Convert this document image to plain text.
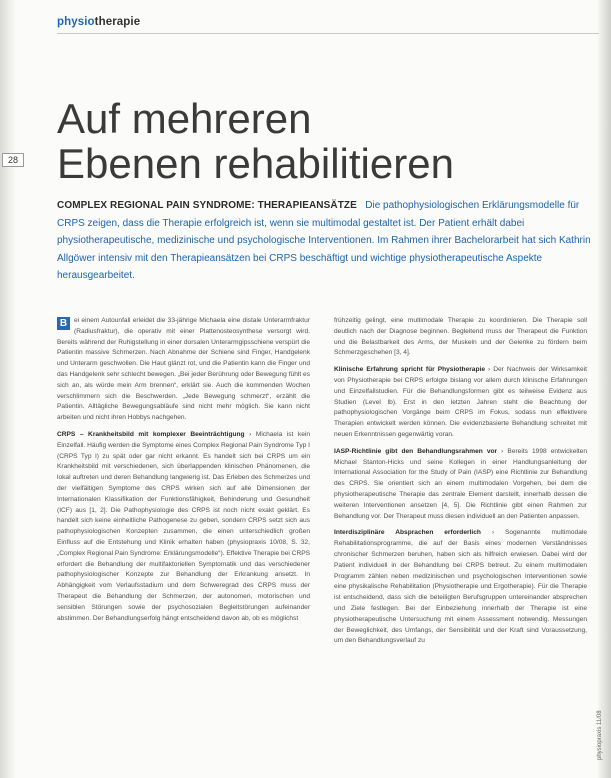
physiotherapie
28
Auf mehreren
Ebenen rehabilitieren
COMPLEX REGIONAL PAIN SYNDROME: THERAPIEANSÄTZE Die pathophysiologischen Erklärungsmodelle für CRPS zeigen, dass die Therapie erfolgreich ist, wenn sie multimodal gestaltet ist. Der Patient erhält dabei physiotherapeutische, medizinische und psychologische Interventionen. Im Rahmen ihrer Bachelorarbeit hat sich Kathrin Allgöwer intensiv mit den Therapieansätzen bei CRPS beschäftigt und wichtige physiotherapeutische Aspekte herausgearbeitet.

B	ei einem Autounfall erleidet die 33-jährige Michaela eine distale Unterarmfraktur (Radiusfraktur), die operativ mit einer Plattenosteosynthese versorgt wird. Bereits während der Ruhigstellung in einer dorsalen Unterarmgipsschiene verspürt die Patientin massive Schmerzen. Nach Abnahme der Schiene sind Finger, Handgelenk und Unterarm geschwollen. Die Haut glänzt rot, und die Patientin kann die Finger und das Handgelenk sehr schlecht bewegen. „Bei jeder Berührung oder Bewegung fühlt es sich an, als würde mein Arm brennen“, erklärt sie. Auch die kommenden Wochen verschlimmern sich die Beschwerden. „Jede Bewegung schmerzt“, erzählt die Patientin. Alltägliche Bewegungsabläufe sind nicht mehr möglich. Sie kann nicht arbeiten und nicht ihren Hobbys nachgehen.

CRPS – Krankheitsbild mit komplexer Beeinträchtigung › Michaela ist kein Einzelfall. Häufig werden die Symptome eines Complex Regional Pain Syndrome Typ I (CRPS Typ I) zu spät oder gar nicht erkannt. Es handelt sich bei CRPS um ein Krankheitsbild mit verschiedenen, sich überlappenden klinischen Phänomenen, die lokal auftreten und deren Behandlung langwierig ist. Das Erleben des Schmerzes und der vielfältigen Symptome des CRPS wirken sich auf alle Dimensionen der Internationalen Klassifikation der Funktionsfähigkeit, Behinderung und Gesundheit (ICF) aus [1, 2]. Die Pathophysiologie des CRPS ist noch nicht exakt geklärt. Es handelt sich keine einheitliche Pathogenese zu geben, sondern CRPS setzt sich aus pathophysiologischen Konzepten zusammen, die einen unterschiedlich großen Einfluss auf die Entstehung und Klinik erhalten haben (physiopraxis 10/08, S. 32, „Complex Regional Pain Syndrome: Erklärungsmodelle“). Effektive Therapie bei CRPS erfordert die Behandlung der multifaktoriellen Symptomatik und das verschiedener pathophysiologischer Konzepte zur Behandlung der Erkrankung ansetzt. In Abhängigkeit vom Verlaufsstadium und dem Schweregrad des CRPS muss der Therapeut die Behandlung der Schmerzen, der autonomen, motorischen und sensiblen Störungen sowie der psychosozialen Begleitstörungen aufeinander abstimmen. Der Behandlungserfolg hängt entscheidend davon ab, ob es möglichst

frühzeitig gelingt, eine multimodale Therapie zu koordinieren. Die Therapie soll deutlich nach der Diagnose beginnen. Begleitend muss der Therapeut die Funktion und die Belastbarkeit des Arms, der Muskeln und der Gelenke zu fördern beim Schmerzgeschehen [3, 4].

Klinische Erfahrung spricht für Physiotherapie › Der Nachweis der Wirksamkeit von Physiotherapie bei CRPS erfolgte bislang vor allem durch klinische Erfahrungen und Einzelfallstudien. Für die Behandlungsformen gibt es teilweise Evidenz aus Studien (Level Ib). Erst in den letzten Jahren steht die Beachtung der pathophysiologischen Vorgänge beim CRPS im Fokus, sodass nun effektivere Therapien entwickelt werden können. Die evidenzbasierte Behandlung schreitet mit neuen Erkenntnissen gegenwärtig voran.

IASP-Richtlinie gibt den Behandlungsrahmen vor › Bereits 1998 entwickelten Michael Stanton-Hicks und seine Kollegen in einer Handlungsanleitung der International Association for the Study of Pain (IASP) eine Richtlinie zur Behandlung des CRPS. Sie orientiert sich an einem multimodalen Vorgehen, bei dem die physiotherapeutische Therapie das zentrale Element darstellt, innerhalb dessen die weiteren Interventionen ansetzen [4, 5]. Die Richtlinie gibt einen Rahmen zur Behandlung vor. Der Therapeut muss diesen individuell an den Patienten anpassen.

Interdisziplinäre Absprachen erforderlich › Sogenannte multimodale Rehabilitationsprogramme, die auf der Basis eines modernen Verständnisses chronischer Schmerzen beruhen, haben sich als hilfreich erwiesen. Dabei wird der Patient individuell in der Behandlung bei CRPS betreut. Zu einem multimodalen Programm zählen neben medizinischen und psychologischen Interventionen sowie eine physikalische Rehabilitation (Physiotherapie und Ergotherapie). Für die Therapie ist entscheidend, dass sich die beteiligten Berufsgruppen untereinander absprechen und Ziele festlegen. Bei der Einbeziehung innerhalb der Therapie ist eine physiotherapeutische Untersuchung mit einem Assessment notwendig. Messungen der Beweglichkeit, des Umfangs, der Sensibilität und der Kraft sind Voraussetzung, um den Behandlungsverlauf zu

physiopraxis 11/08
